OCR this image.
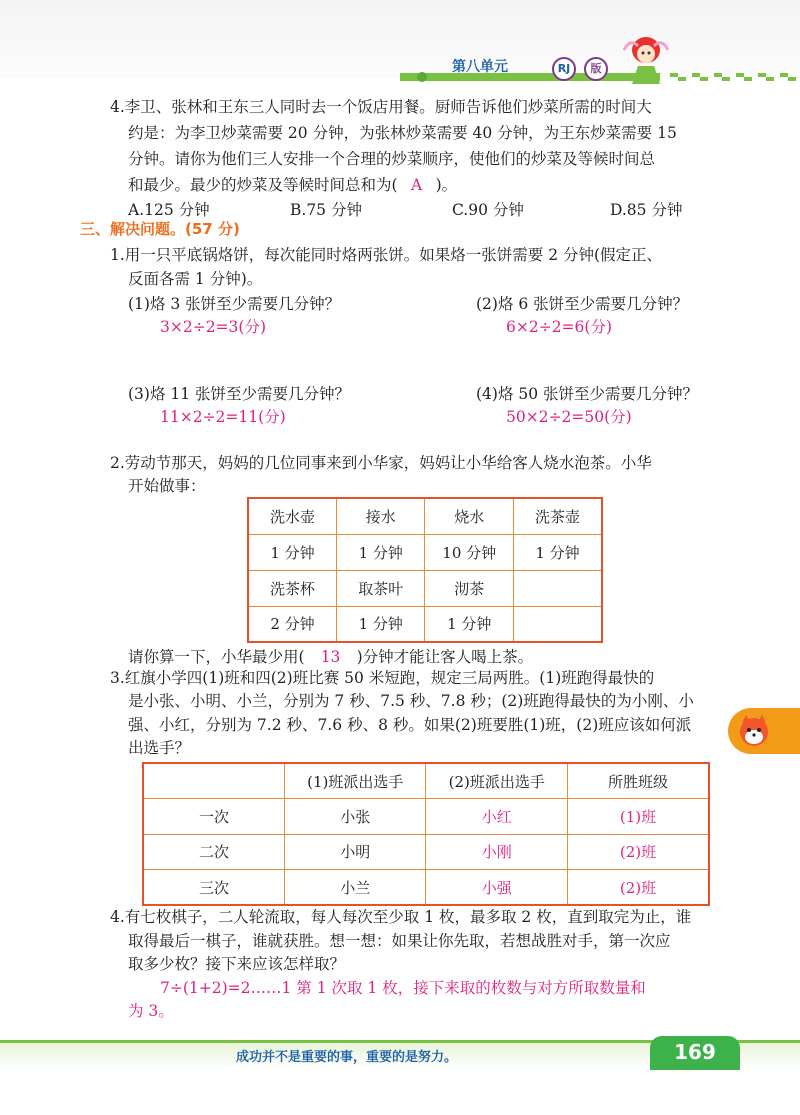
第八单元	RJ	版
4.李卫、张林和王东三人同时去一个饭店用餐。厨师告诉他们炒菜所需的时间大
约是：为李卫炒菜需要 20 分钟，为张林炒菜需要 40 分钟，为王东炒菜需要 15
分钟。请你为他们三人安排一个合理的炒菜顺序，使他们的炒菜及等候时间总
和最少。最少的炒菜及等候时间总和为( A )。
A.125 分钟	B.75 分钟	C.90 分钟	D.85 分钟
三、解决问题。(57 分)
1.用一只平底锅烙饼，每次能同时烙两张饼。如果烙一张饼需要 2 分钟(假定正、
反面各需 1 分钟)。
(1)烙 3 张饼至少需要几分钟？
3×2÷2=3(分)
(2)烙 6 张饼至少需要几分钟？
6×2÷2=6(分)
(3)烙 11 张饼至少需要几分钟？
11×2÷2=11(分)
(4)烙 50 张饼至少需要几分钟？
50×2÷2=50(分)
2.劳动节那天，妈妈的几位同事来到小华家，妈妈让小华给客人烧水泡茶。小华
开始做事：
洗水壶	接水	烧水	洗茶壶
1 分钟	1 分钟	10 分钟	1 分钟
洗茶杯	取茶叶	沏茶	
2 分钟	1 分钟	1 分钟	
请你算一下，小华最少用( 13 )分钟才能让客人喝上茶。
3.红旗小学四(1)班和四(2)班比赛 50 米短跑，规定三局两胜。(1)班跑得最快的
是小张、小明、小兰，分别为 7 秒、7.5 秒、7.8 秒；(2)班跑得最快的为小刚、小
强、小红，分别为 7.2 秒、7.6 秒、8 秒。如果(2)班要胜(1)班，(2)班应该如何派
出选手？
	(1)班派出选手	(2)班派出选手	所胜班级
一次	小张	小红	(1)班
二次	小明	小刚	(2)班
三次	小兰	小强	(2)班
4.有七枚棋子，二人轮流取，每人每次至少取 1 枚，最多取 2 枚，直到取完为止，谁
取得最后一棋子，谁就获胜。想一想：如果让你先取，若想战胜对手，第一次应
取多少枚？接下来应该怎样取？
7÷(1+2)=2……1 第 1 次取 1 枚，接下来取的枚数与对方所取数量和
为 3。
成功并不是重要的事，重要的是努力。	169
